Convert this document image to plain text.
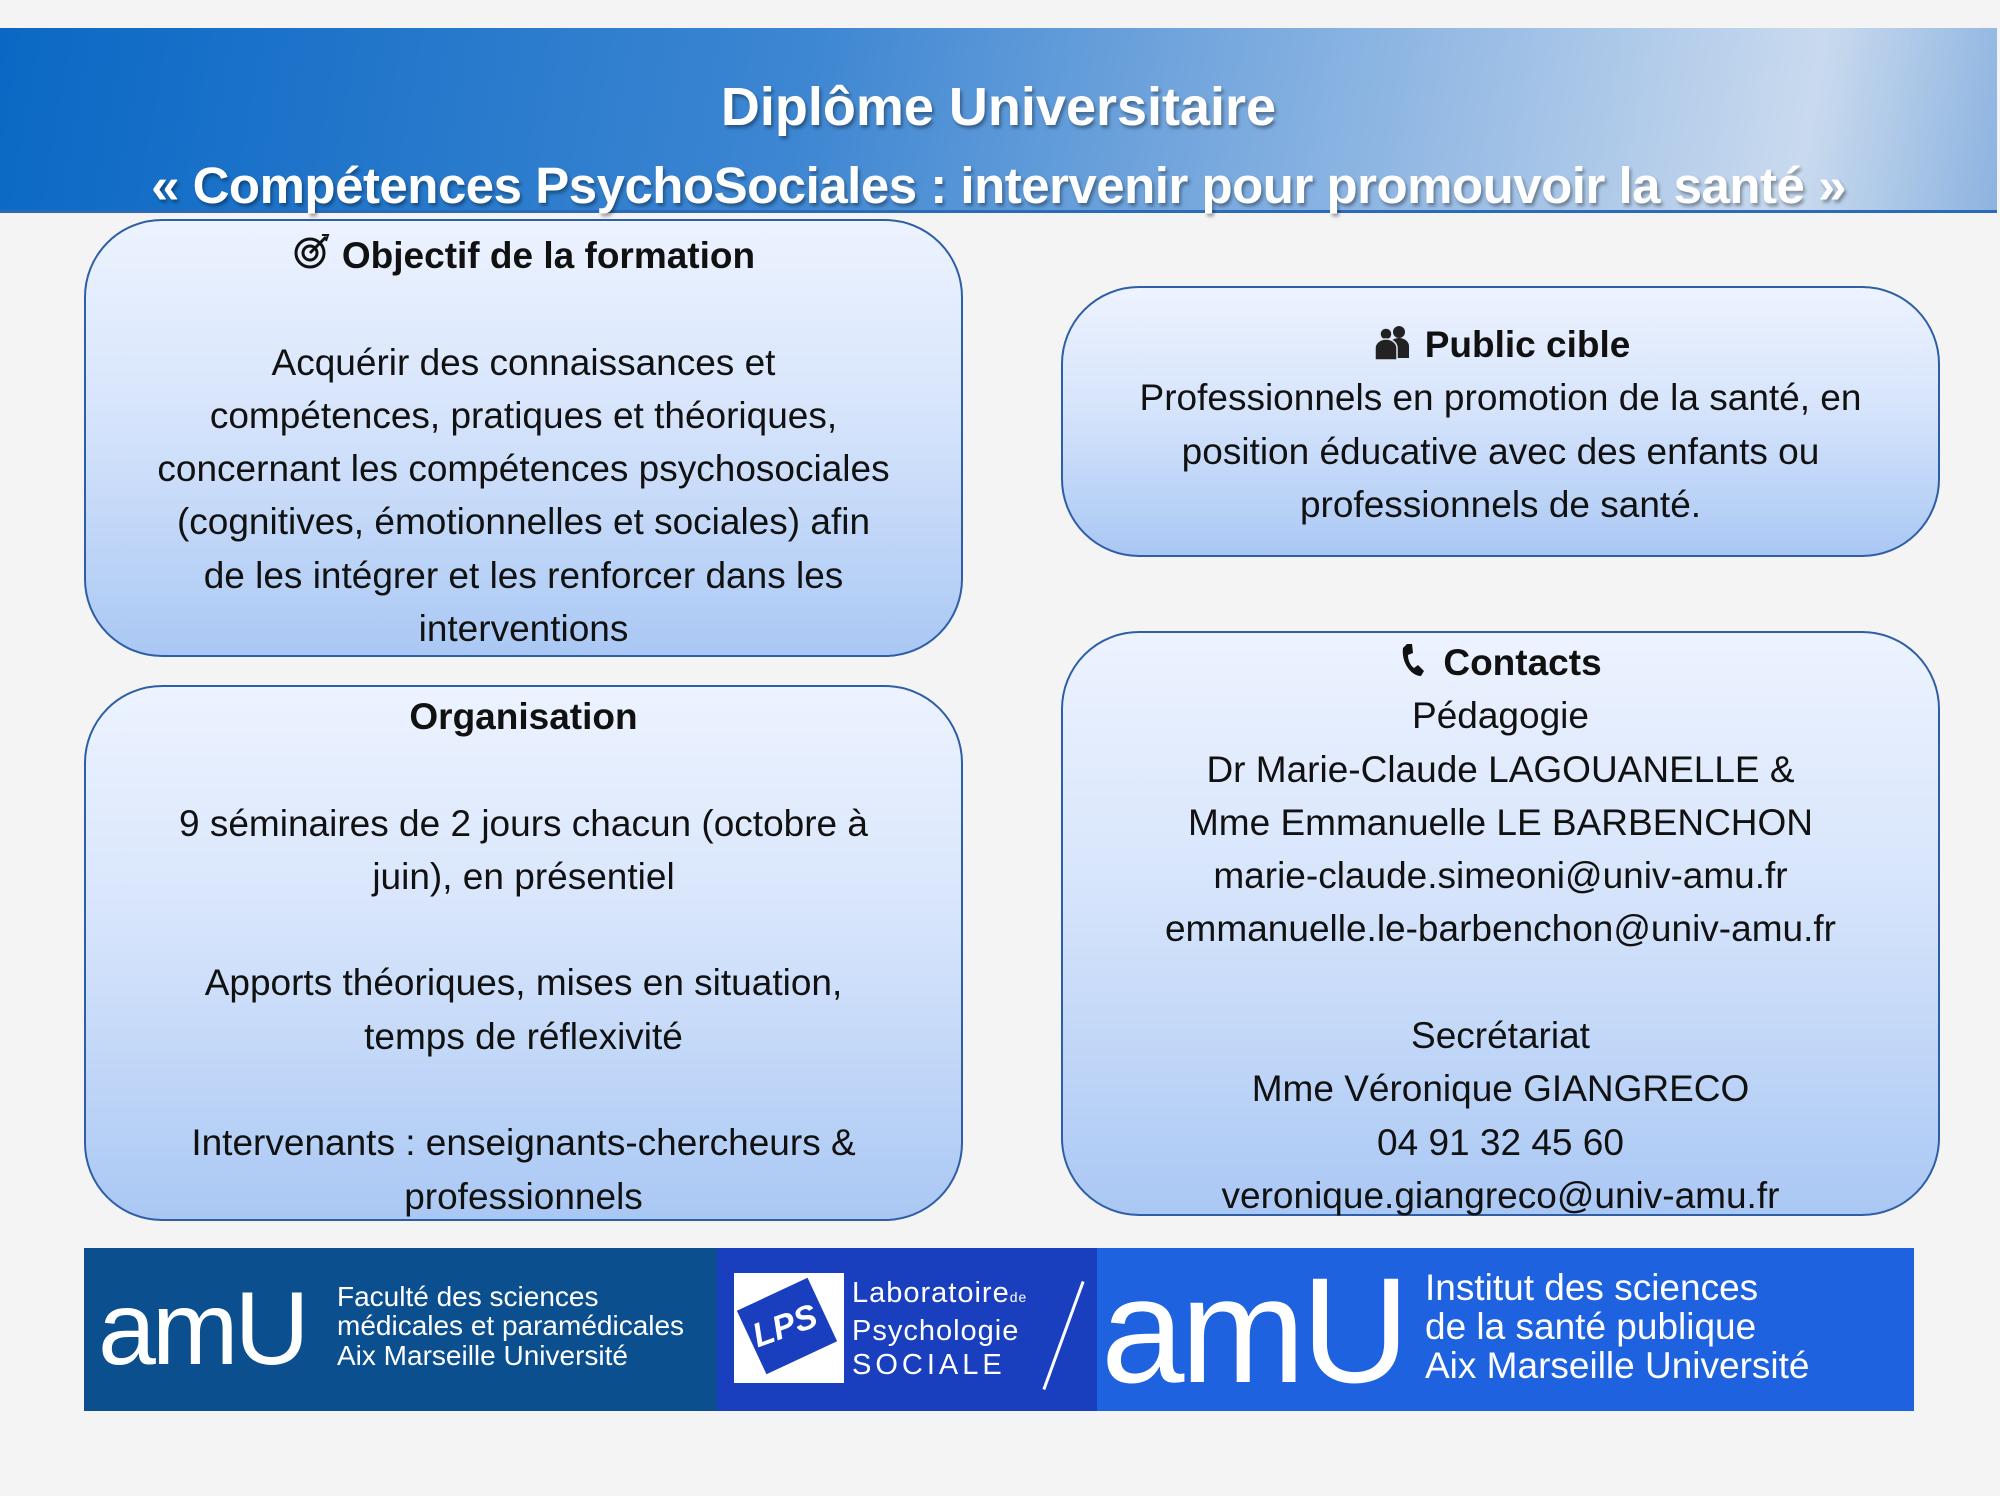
Diplôme Universitaire
« Compétences PsychoSociales : intervenir pour promouvoir la santé »
Objectif de la formation
Acquérir des connaissances et
compétences, pratiques et théoriques,
concernant les compétences psychosociales
(cognitives, émotionnelles et sociales) afin
de les intégrer et les renforcer dans les
interventions
Organisation
9 séminaires de 2 jours chacun (octobre à
juin), en présentiel
Apports théoriques, mises en situation,
temps de réflexivité
Intervenants : enseignants-chercheurs &
professionnels
Public cible
Professionnels en promotion de la santé, en
position éducative avec des enfants ou
professionnels de santé.
Contacts
Pédagogie
Dr Marie-Claude LAGOUANELLE &
Mme Emmanuelle LE BARBENCHON
marie-claude.simeoni@univ-amu.fr
emmanuelle.le-barbenchon@univ-amu.fr
Secrétariat
Mme Véronique GIANGRECO
04 91 32 45 60
veronique.giangreco@univ-amu.fr
amU Faculté des sciences
médicales et paramédicales
Aix Marseille Université
LPS
Laboratoirede
Psychologie
SOCIALE amU Institut des sciences
de la santé publique
Aix Marseille Université
